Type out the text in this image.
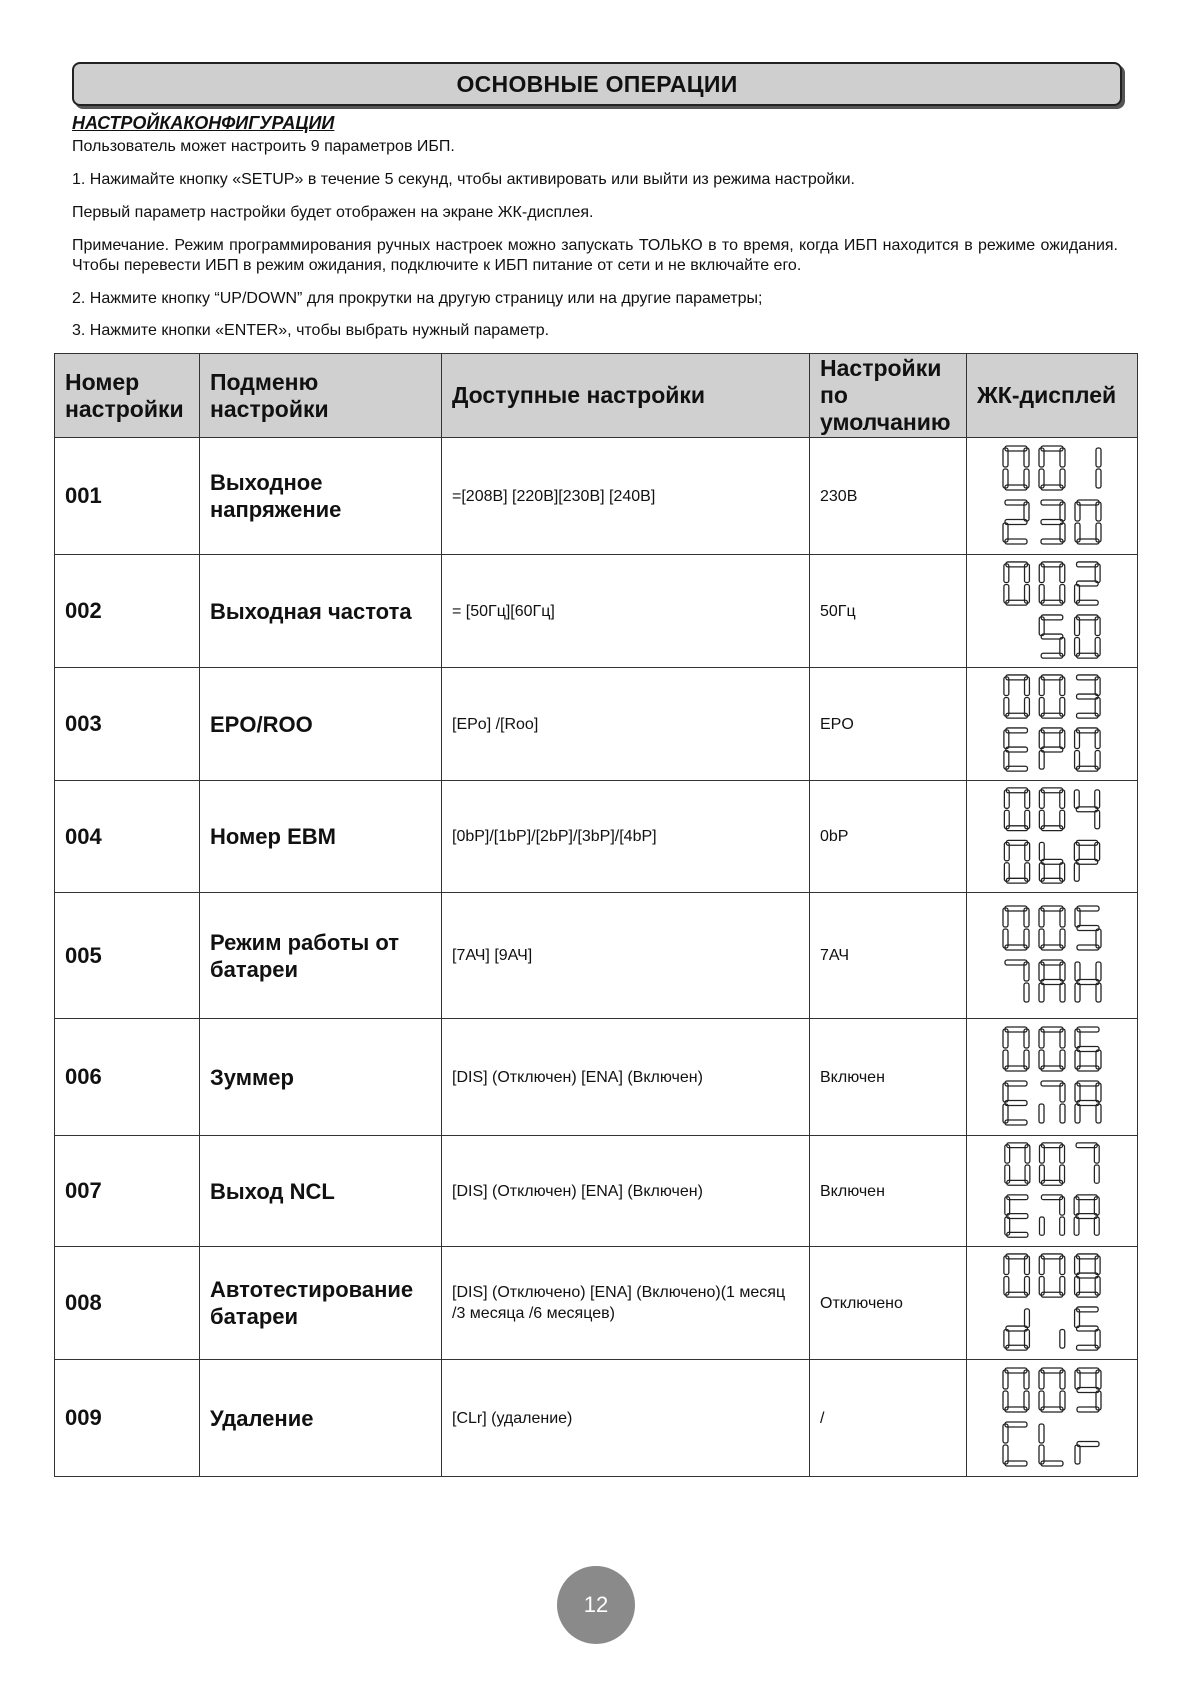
ОСНОВНЫЕ ОПЕРАЦИИ
НАСТРОЙКАКОНФИГУРАЦИИ
Пользователь может настроить 9 параметров ИБП.
1. Нажимайте кнопку «SETUP» в течение 5 секунд, чтобы активировать или выйти из режима настройки.
Первый параметр настройки будет отображен на экране ЖК-дисплея.
Примечание. Режим программирования ручных настроек можно запускать ТОЛЬКО в то время, когда ИБП находится в режиме ожидания. Чтобы перевести ИБП в режим ожидания, подключите к ИБП питание от сети и не включайте его.
2. Нажмите кнопку “UP/DOWN” для прокрутки на другую страницу или на другие параметры;
3. Нажмите кнопки «ENTER», чтобы выбрать нужный параметр.
Номер настройки	Подменю настройки	Доступные настройки	Настройки по умолчанию	ЖК-дисплей
001	Выходное напряжение	=[208В] [220В][230В] [240В]	230В	

002	Выходная частота	= [50Гц][60Гц]	50Гц	

003	EPO/ROO	[EPo] /[Roo]	EPO	

004	Номер EBM	[0bP]/[1bP]/[2bP]/[3bP]/[4bP]	0bP	

005	Режим работы от батареи	[7АЧ] [9АЧ]	7АЧ	

006	Зуммер	[DIS] (Отключен) [ENA] (Включен)	Включен	

007	Выход NCL	[DIS] (Отключен) [ENA] (Включен)	Включен	

008	Автотестирование батареи	[DIS] (Отключено) [ENA] (Включено)(1 месяц /3 месяца /6 месяцев)	Отключено	

009	Удаление	[CLr] (удаление)	/	
12
